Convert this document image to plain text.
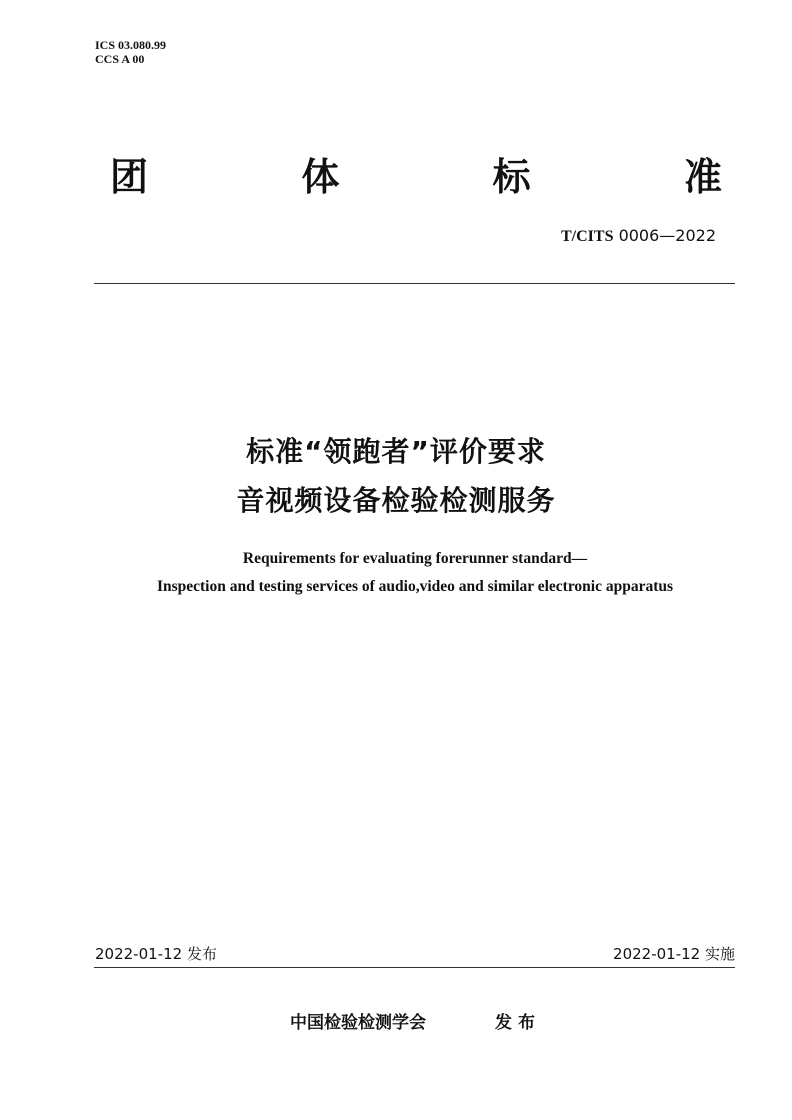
ICS 03.080.99
CCS A 00
团	体	标	准
T/CITS 0006—2022
标准“领跑者”评价要求
音视频设备检验检测服务
Requirements for evaluating forerunner standard—
Inspection and testing services of audio,video and similar electronic apparatus
2022-01-12 发布	2022-01-12 实施
中国检验检测学会	发布
